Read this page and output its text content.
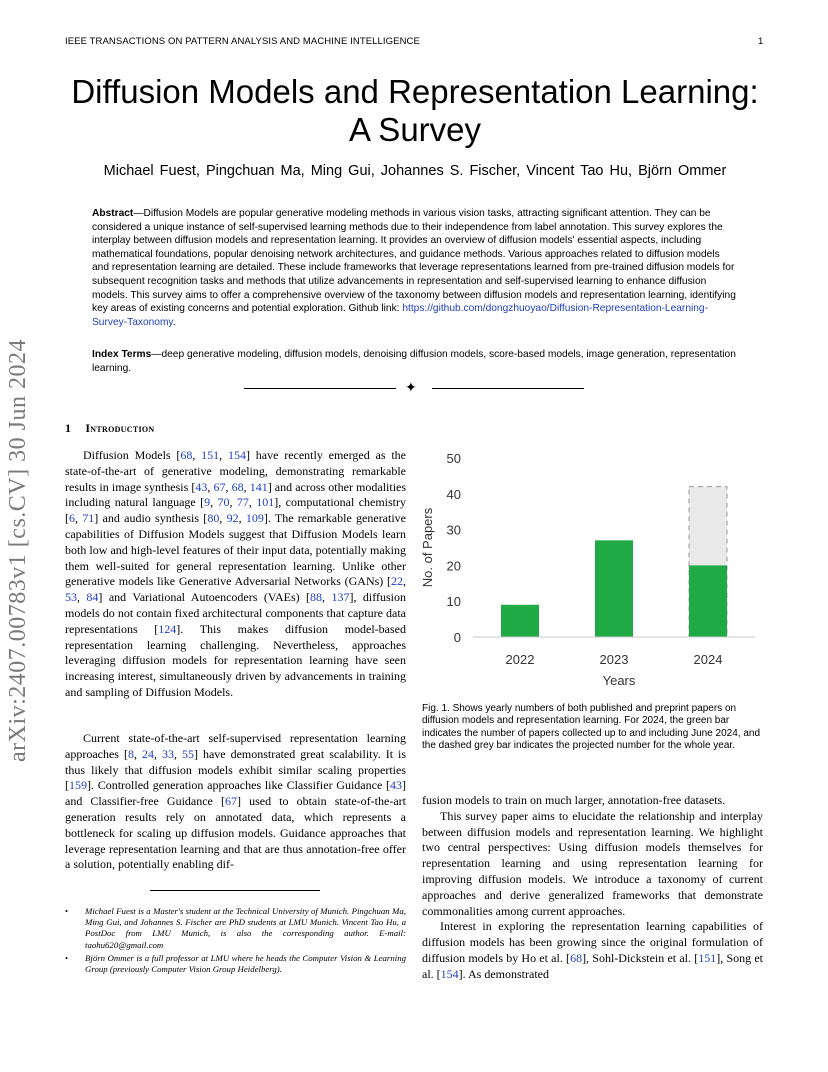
IEEE TRANSACTIONS ON PATTERN ANALYSIS AND MACHINE INTELLIGENCE	1
Diffusion Models and Representation Learning:
A Survey
Michael Fuest, Pingchuan Ma, Ming Gui, Johannes S. Fischer, Vincent Tao Hu, Björn Ommer
arXiv:2407.00783v1 [cs.CV] 30 Jun 2024
Abstract—Diffusion Models are popular generative modeling methods in various vision tasks, attracting significant attention. They can be considered a unique instance of self-supervised learning methods due to their independence from label annotation. This survey explores the interplay between diffusion models and representation learning. It provides an overview of diffusion models' essential aspects, including mathematical foundations, popular denoising network architectures, and guidance methods. Various approaches related to diffusion models and representation learning are detailed. These include frameworks that leverage representations learned from pre-trained diffusion models for subsequent recognition tasks and methods that utilize advancements in representation and self-supervised learning to enhance diffusion models. This survey aims to offer a comprehensive overview of the taxonomy between diffusion models and representation learning, identifying key areas of existing concerns and potential exploration. Github link: https://github.com/dongzhuoyao/Diffusion-Representation-Learning-Survey-Taxonomy.
Index Terms—deep generative modeling, diffusion models, denoising diffusion models, score-based models, image generation, representation learning.
✦
1 Introduction

Diffusion Models [68, 151, 154] have recently emerged as the state-of-the-art of generative modeling, demonstrating remarkable results in image synthesis [43, 67, 68, 141] and across other modalities including natural language [9, 70, 77, 101], computational chemistry [6, 71] and audio synthesis [80, 92, 109]. The remarkable generative capabilities of Diffusion Models suggest that Diffusion Models learn both low and high-level features of their input data, potentially making them well-suited for general representation learning. Unlike other generative models like Generative Adversarial Networks (GANs) [22, 53, 84] and Variational Autoencoders (VAEs) [88, 137], diffusion models do not contain fixed architectural components that capture data representations [124]. This makes diffusion model-based representation learning challenging. Nevertheless, approaches leveraging diffusion models for representation learning have seen increasing interest, simultaneously driven by advancements in training and sampling of Diffusion Models.

Current state-of-the-art self-supervised representation learning approaches [8, 24, 33, 55] have demonstrated great scalability. It is thus likely that diffusion models exhibit similar scaling properties [159]. Controlled generation approaches like Classifier Guidance [43] and Classifier-free Guidance [67] used to obtain state-of-the-art generation results rely on annotated data, which represents a bottleneck for scaling up diffusion models. Guidance approaches that leverage representation learning and that are thus annotation-free offer a solution, potentially enabling dif-

• Michael Fuest is a Master's student at the Technical University of Munich. Pingchuan Ma, Ming Gui, and Johannes S. Fischer are PhD students at LMU Munich. Vincent Tao Hu, a PostDoc from LMU Munich, is also the corresponding author. E-mail: taohu620@gmail.com
• Björn Ommer is a full professor at LMU where he heads the Computer Vision & Learning Group (previously Computer Vision Group Heidelberg).
0
10
20
30
40
50
2022	2023	2024
Years
No. of Papers
Fig. 1. Shows yearly numbers of both published and preprint papers on diffusion models and representation learning. For 2024, the green bar indicates the number of papers collected up to and including June 2024, and the dashed grey bar indicates the projected number for the whole year.

fusion models to train on much larger, annotation-free datasets.

This survey paper aims to elucidate the relationship and interplay between diffusion models and representation learning. We highlight two central perspectives: Using diffusion models themselves for representation learning and using representation learning for improving diffusion models. We introduce a taxonomy of current approaches and derive generalized frameworks that demonstrate commonalities among current approaches.

Interest in exploring the representation learning capabilities of diffusion models has been growing since the original formulation of diffusion models by Ho et al. [68], Sohl-Dickstein et al. [151], Song et al. [154]. As demonstrated
